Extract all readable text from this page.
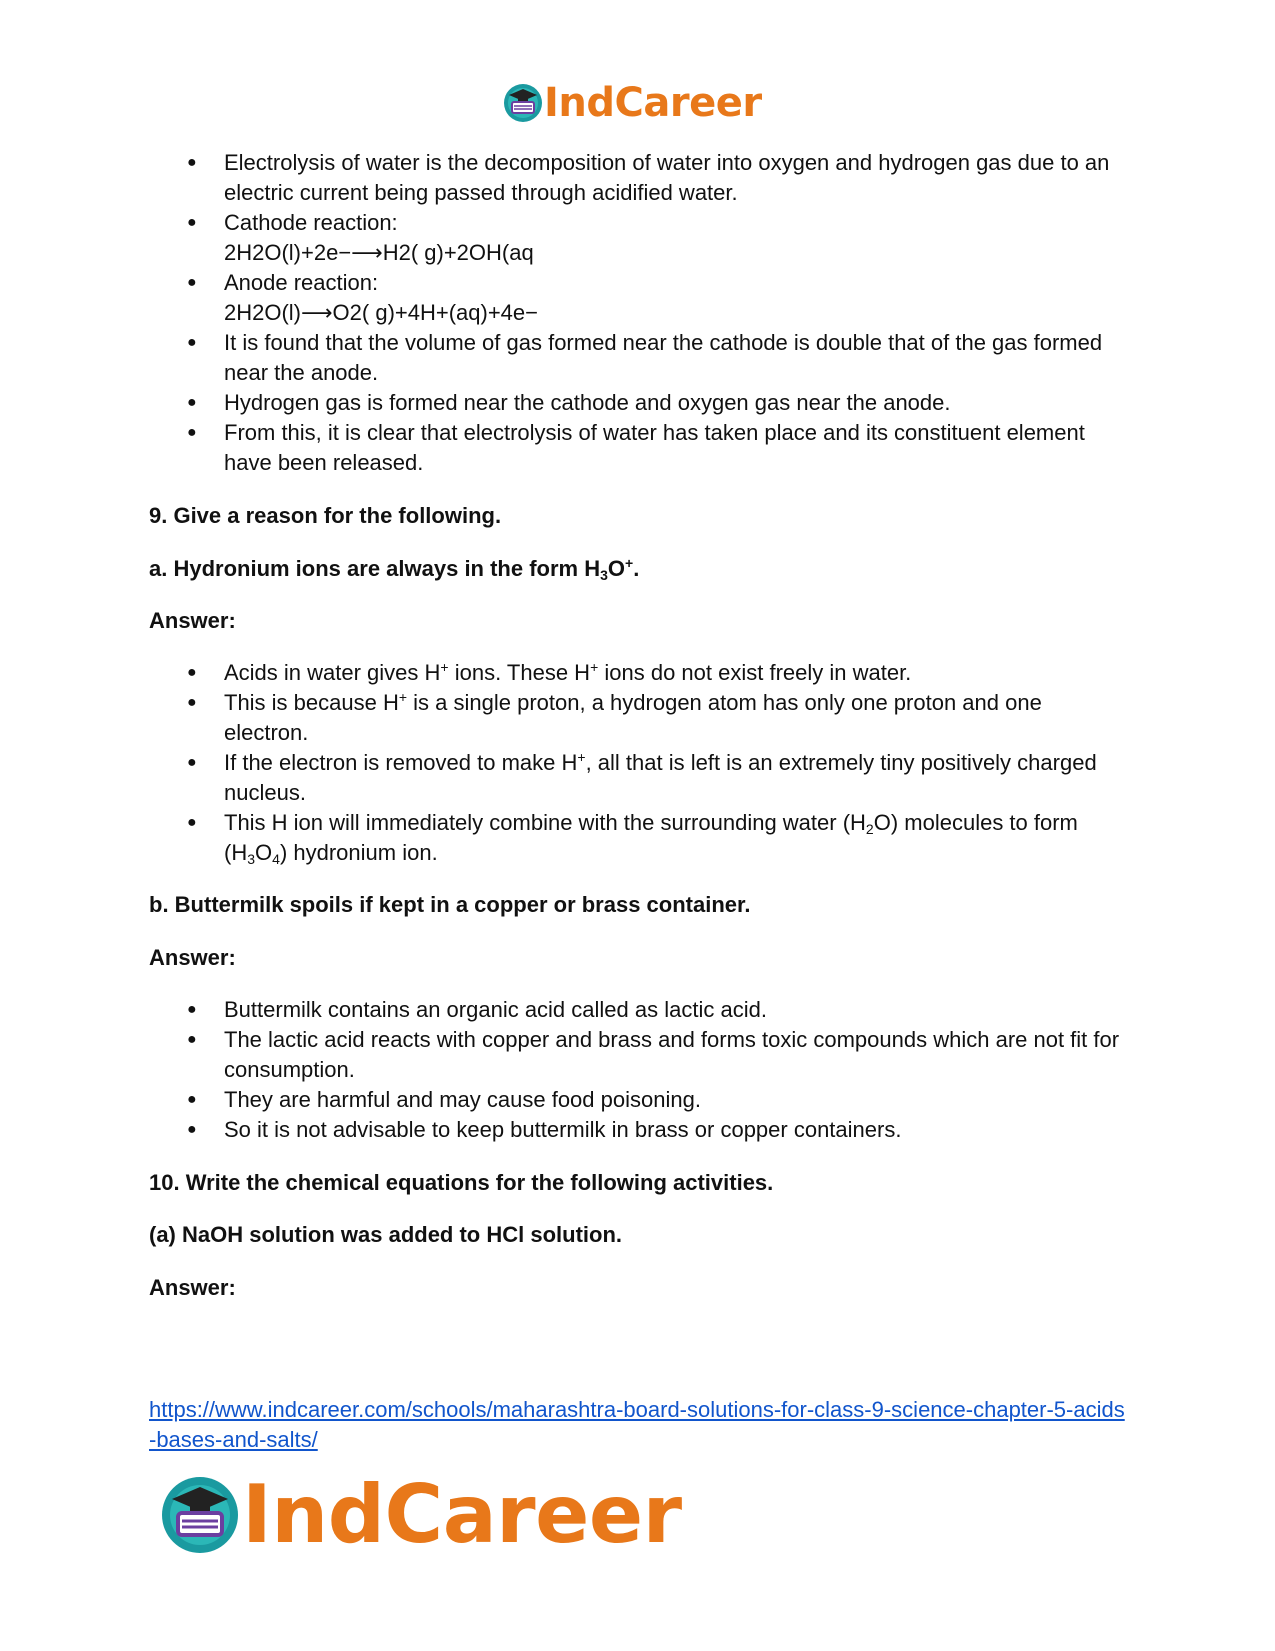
IndCareer
● Electrolysis of water is the decomposition of water into oxygen and hydrogen gas due to an electric current being passed through acidified water.
● Cathode reaction:
2H2O(l)+2e−⟶H2( g)+2OH(aq
● Anode reaction:
2H2O(l)⟶O2( g)+4H+(aq)+4e−
● It is found that the volume of gas formed near the cathode is double that of the gas formed near the anode.
● Hydrogen gas is formed near the cathode and oxygen gas near the anode.
● From this, it is clear that electrolysis of water has taken place and its constituent element have been released.

9. Give a reason for the following.

a. Hydronium ions are always in the form $H_3O^+$.

Answer:

● Acids in water gives H+ ions. These H+ ions do not exist freely in water.
● This is because H+ is a single proton, a hydrogen atom has only one proton and one electron.
● If the electron is removed to make H+, all that is left is an extremely tiny positively charged nucleus.
● This H ion will immediately combine with the surrounding water $(H_2O)$ molecules to form $(H_3O_4)$ hydronium ion.

b. Buttermilk spoils if kept in a copper or brass container.

Answer:

● Buttermilk contains an organic acid called as lactic acid.
● The lactic acid reacts with copper and brass and forms toxic compounds which are not fit for consumption.
● They are harmful and may cause food poisoning.
● So it is not advisable to keep buttermilk in brass or copper containers.

10. Write the chemical equations for the following activities.

(a) NaOH solution was added to HCl solution.

Answer:

https://www.indcareer.com/schools/maharashtra-board-solutions-for-class-9-science-chapter-5-acids-bases-and-salts/
IndCareer
